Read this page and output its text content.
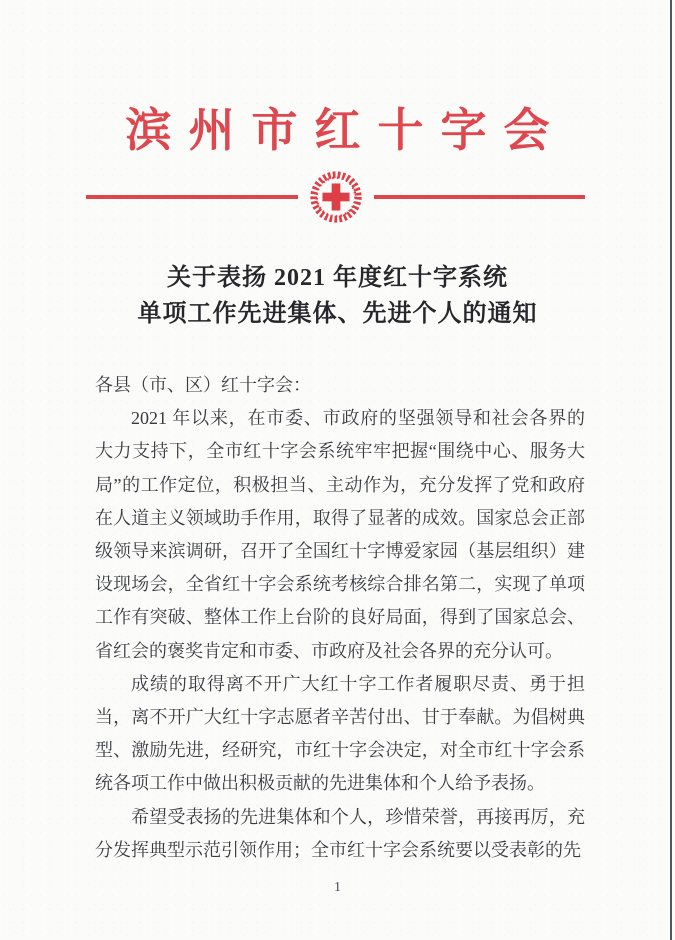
滨州市红十字会
关于表扬 2021 年度红十字系统
单项工作先进集体、先进个人的通知

各县（市、区）红十字会：

2021 年以来，在市委、市政府的坚强领导和社会各界的大力支持下，全市红十字会系统牢牢把握“围绕中心、服务大局”的工作定位，积极担当、主动作为，充分发挥了党和政府在人道主义领域助手作用，取得了显著的成效。国家总会正部级领导来滨调研，召开了全国红十字博爱家园（基层组织）建设现场会，全省红十字会系统考核综合排名第二，实现了单项工作有突破、整体工作上台阶的良好局面，得到了国家总会、省红会的褒奖肯定和市委、市政府及社会各界的充分认可。

成绩的取得离不开广大红十字工作者履职尽责、勇于担当，离不开广大红十字志愿者辛苦付出、甘于奉献。为倡树典型、激励先进，经研究，市红十字会决定，对全市红十字会系统各项工作中做出积极贡献的先进集体和个人给予表扬。

希望受表扬的先进集体和个人，珍惜荣誉，再接再厉，充分发挥典型示范引领作用；全市红十字会系统要以受表彰的先

1
